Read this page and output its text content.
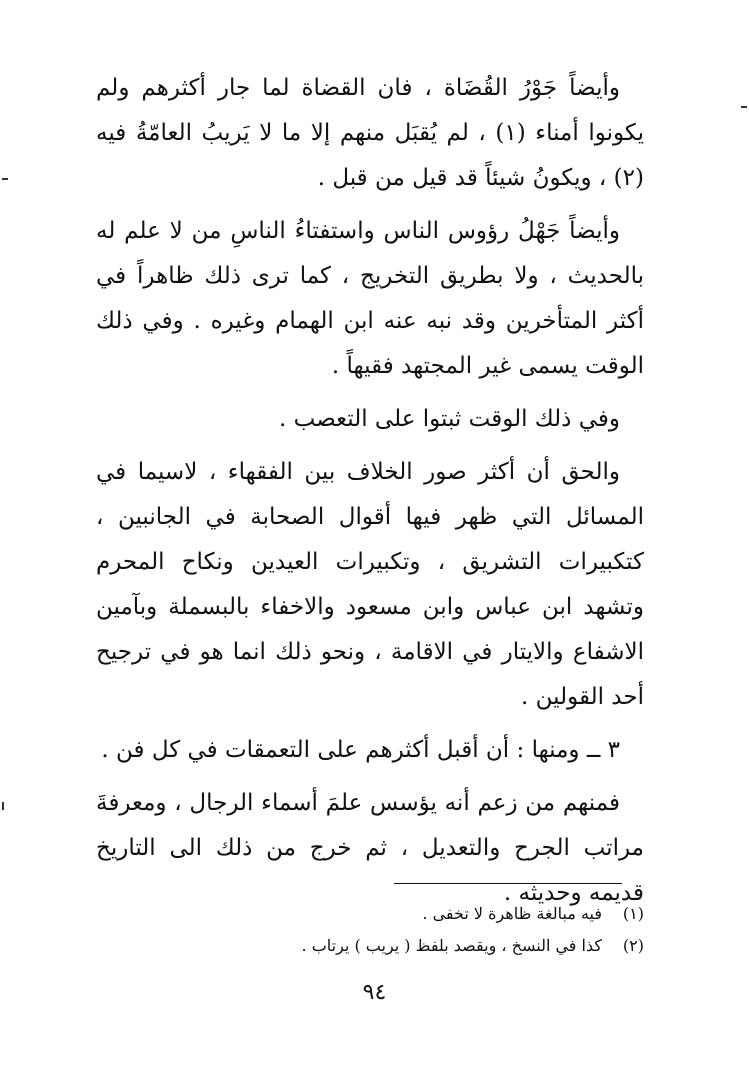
وأيضاً جَوْرُ القُضَاة ، فان القضاة لما جار أكثرهم ولم يكونوا أمناء (١) ، لم يُقبَل منهم إلا ما لا يَريبُ العامّةُ فيه (٢) ، ويكونُ شيئاً قد قيل من قبل .

وأيضاً جَهْلُ رؤوس الناس واستفتاءُ الناسِ من لا علم له بالحديث ، ولا بطريق التخريج ، كما ترى ذلك ظاهراً في أكثر المتأخرين وقد نبه عنه ابن الهمام وغيره . وفي ذلك الوقت يسمى غير المجتهد فقيهاً .

وفي ذلك الوقت ثبتوا على التعصب .

والحق أن أكثر صور الخلاف بين الفقهاء ، لاسيما في المسائل التي ظهر فيها أقوال الصحابة في الجانبين ، كتكبيرات التشريق ، وتكبيرات العيدين ونكاح المحرم وتشهد ابن عباس وابن مسعود والاخفاء بالبسملة وبآمين الاشفاع والايتار في الاقامة ، ونحو ذلك انما هو في ترجيح أحد القولين .

٣ ــ ومنها : أن أقبل أكثرهم على التعمقات في كل فن .

فمنهم من زعم أنه يؤسس علمَ أسماء الرجال ، ومعرفةَ مراتب الجرح والتعديل ، ثم خرج من ذلك الى التاريخ قديمه وحديثه .

(١)
فيه مبالغة ظاهرة لا تخفى .
(٢)
كذا في النسخ ، ويقصد بلفظ ( يريب ) يرتاب .
٩٤
